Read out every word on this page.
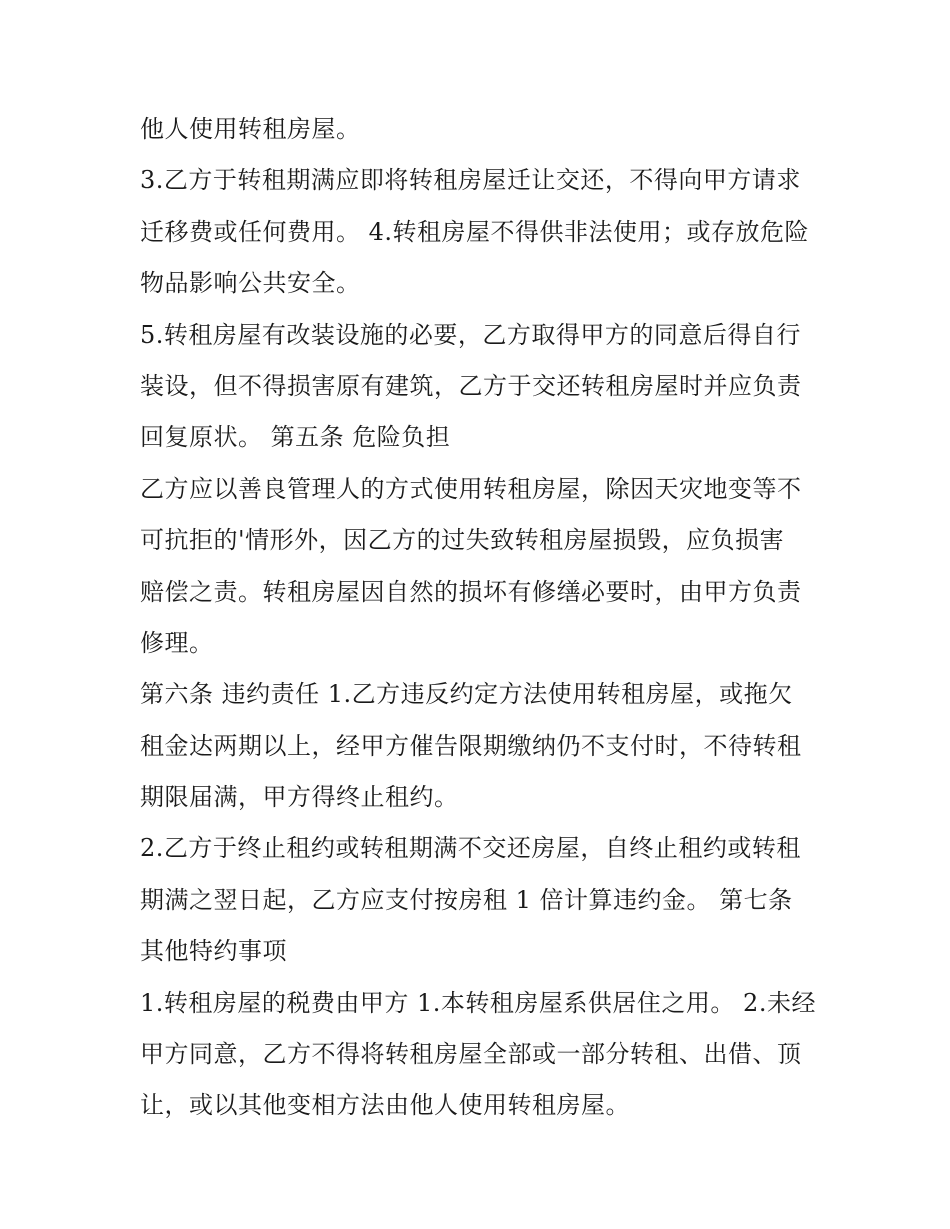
他人使用转租房屋。
3.乙方于转租期满应即将转租房屋迁让交还，不得向甲方请求
迁移费或任何费用。 4.转租房屋不得供非法使用；或存放危险
物品影响公共安全。
5.转租房屋有改装设施的必要，乙方取得甲方的同意后得自行
装设，但不得损害原有建筑，乙方于交还转租房屋时并应负责
回复原状。 第五条 危险负担
乙方应以善良管理人的方式使用转租房屋，除因天灾地变等不
可抗拒的'情形外，因乙方的过失致转租房屋损毁，应负损害
赔偿之责。转租房屋因自然的损坏有修缮必要时，由甲方负责
修理。
第六条 违约责任 1.乙方违反约定方法使用转租房屋，或拖欠
租金达两期以上，经甲方催告限期缴纳仍不支付时，不待转租
期限届满，甲方得终止租约。
2.乙方于终止租约或转租期满不交还房屋，自终止租约或转租
期满之翌日起，乙方应支付按房租 1 倍计算违约金。 第七条
其他特约事项
1.转租房屋的税费由甲方 1.本转租房屋系供居住之用。 2.未经
甲方同意，乙方不得将转租房屋全部或一部分转租、出借、顶
让，或以其他变相方法由他人使用转租房屋。
